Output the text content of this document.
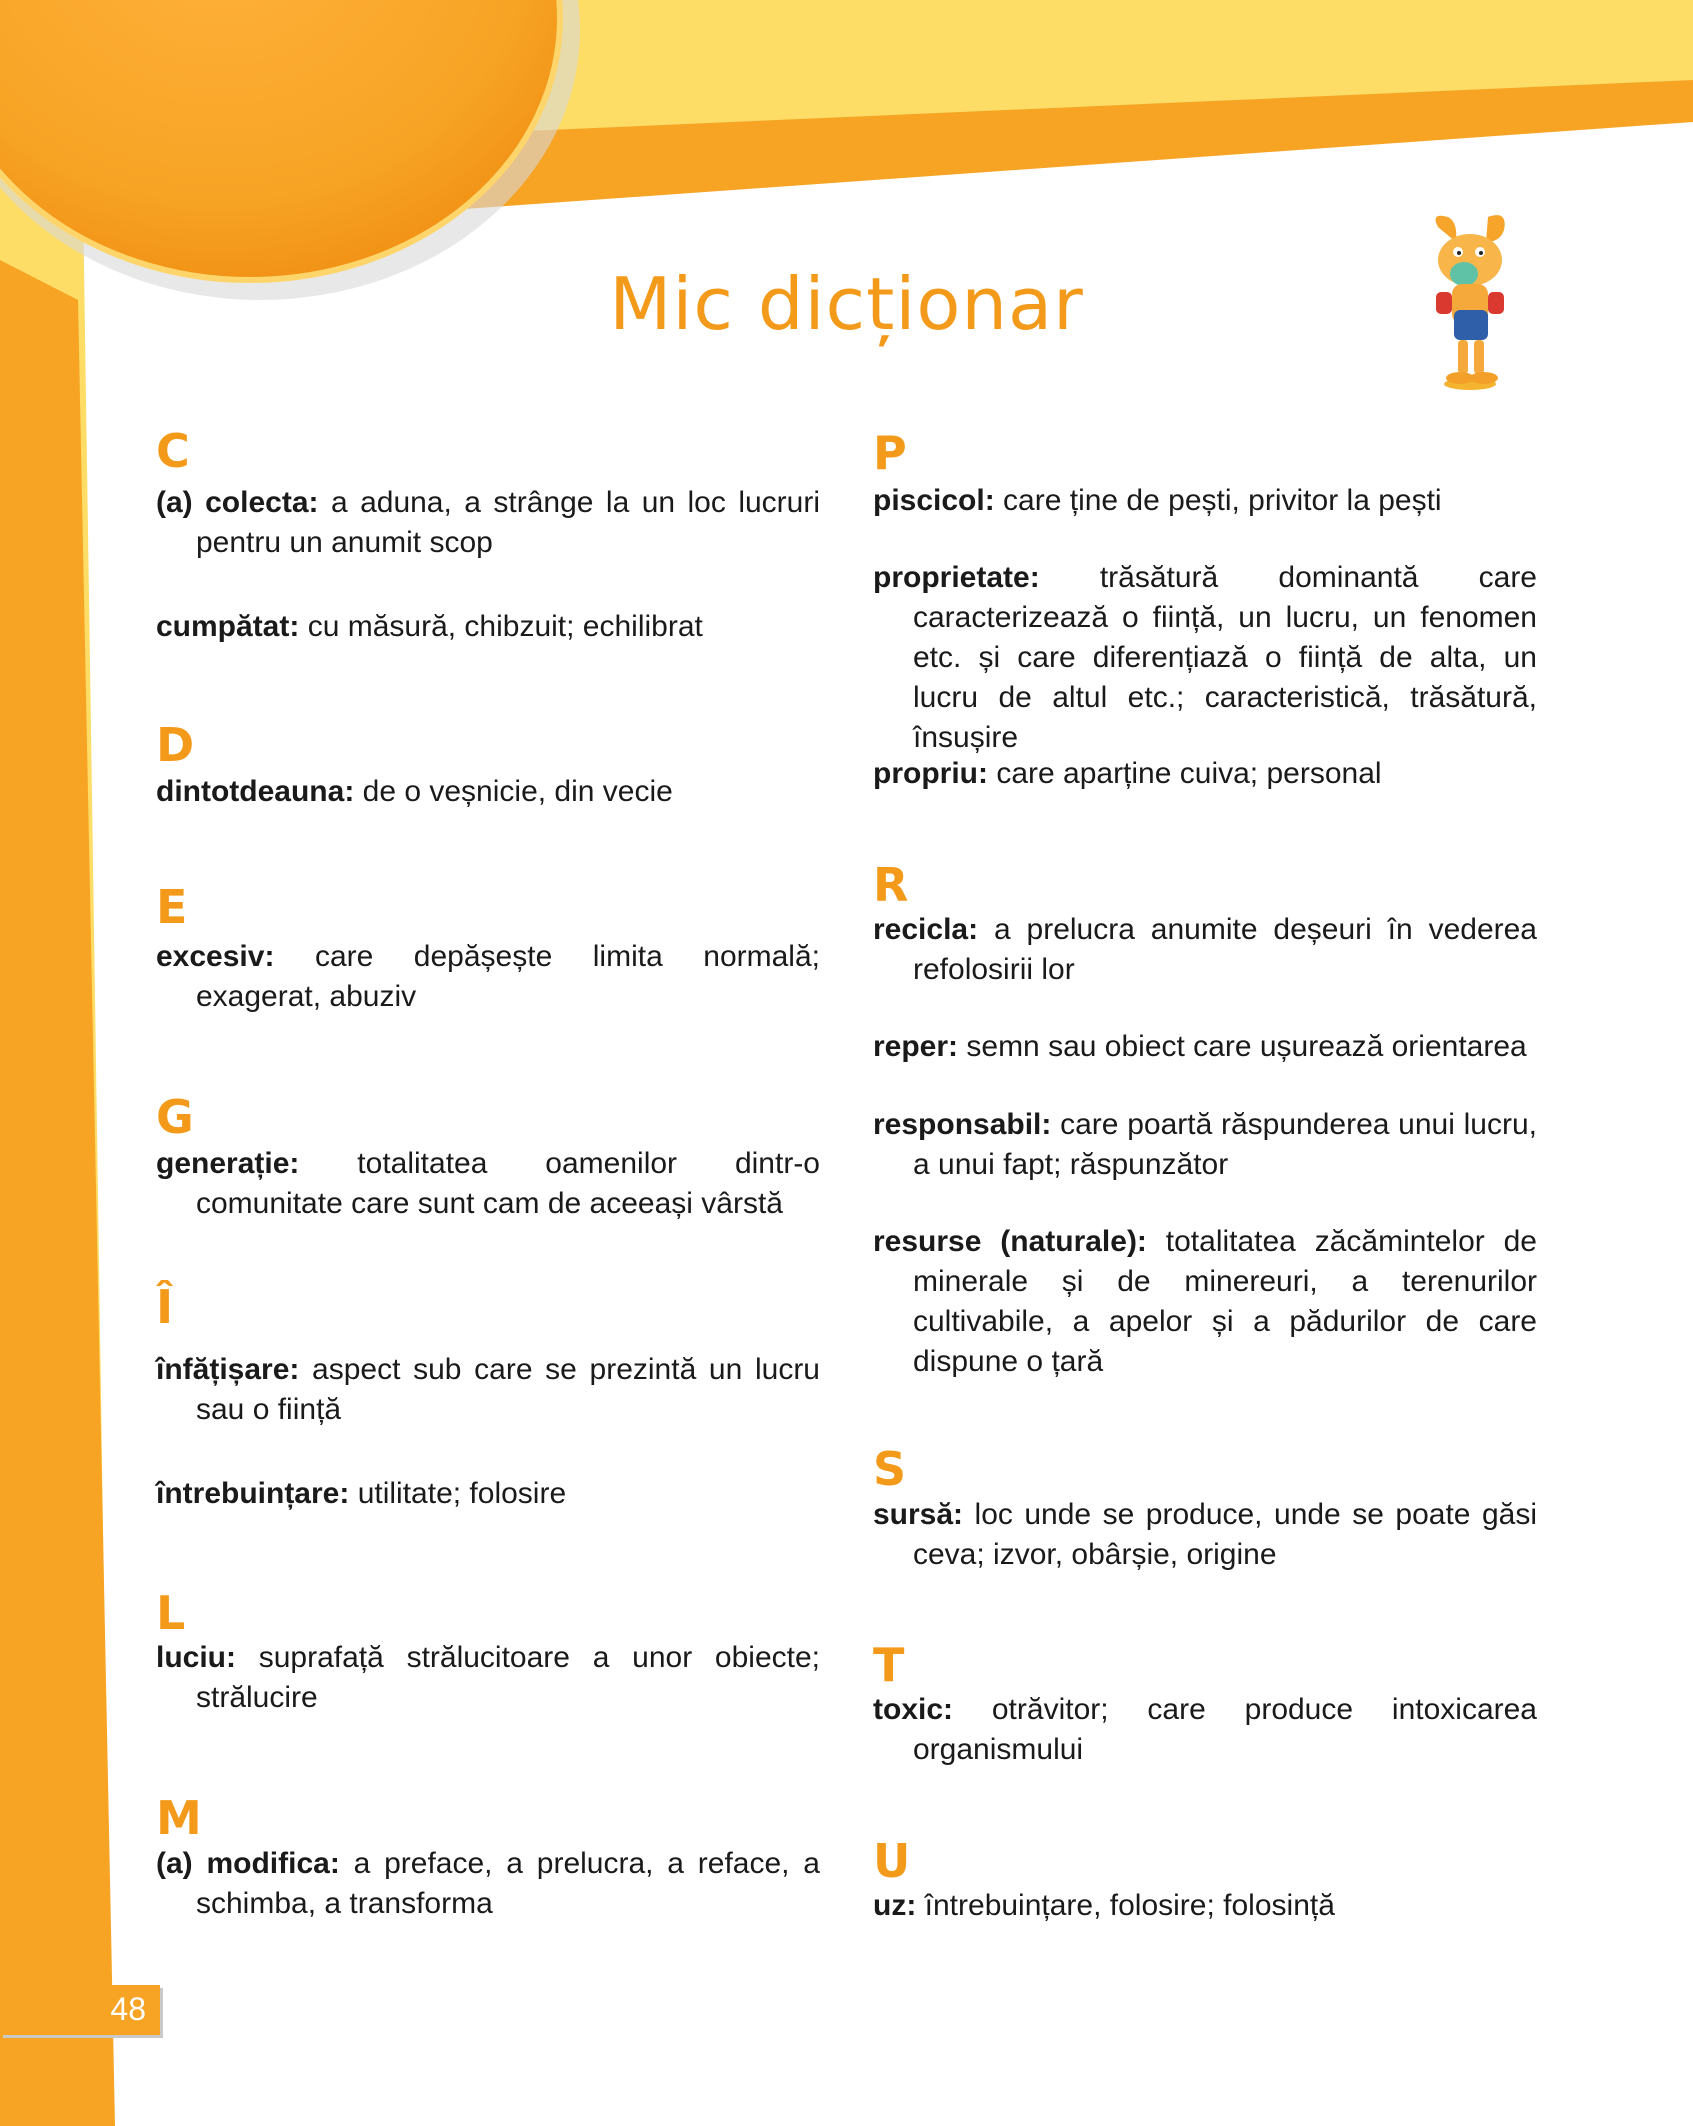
Mic dicționar
C
(a) colecta: a aduna, a strânge la un loc lucruri pentru un anumit scop
cumpătat: cu măsură, chibzuit; echilibrat
D
dintotdeauna: de o veșnicie, din vecie
E
excesiv: care depășește limita normală; exagerat, abuziv
G
generație: totalitatea oamenilor dintr-o comunitate care sunt cam de aceeași vârstă
Î
înfățișare: aspect sub care se prezintă un lucru sau o ființă
întrebuințare: utilitate; folosire
L
luciu: suprafață strălucitoare a unor obiecte; strălucire
M
(a) modifica: a preface, a prelucra, a reface, a schimba, a transforma
P
piscicol: care ține de pești, privitor la pești
proprietate: trăsătură dominantă care caracterizează o ființă, un lucru, un fenomen etc. și care diferențiază o ființă de alta, un lucru de altul etc.; caracteristică, trăsătură, însușire
propriu: care aparține cuiva; personal
R
recicla: a prelucra anumite deșeuri în vederea refolosirii lor
reper: semn sau obiect care ușurează orientarea
responsabil: care poartă răspunderea unui lucru, a unui fapt; răspunzător
resurse (naturale): totalitatea zăcămintelor de minerale și de minereuri, a terenurilor cultivabile, a apelor și a pădurilor de care dispune o țară
S
sursă: loc unde se produce, unde se poate găsi ceva; izvor, obârșie, origine
T
toxic: otrăvitor; care produce intoxicarea organismului
U
uz: întrebuințare, folosire; folosință
48
